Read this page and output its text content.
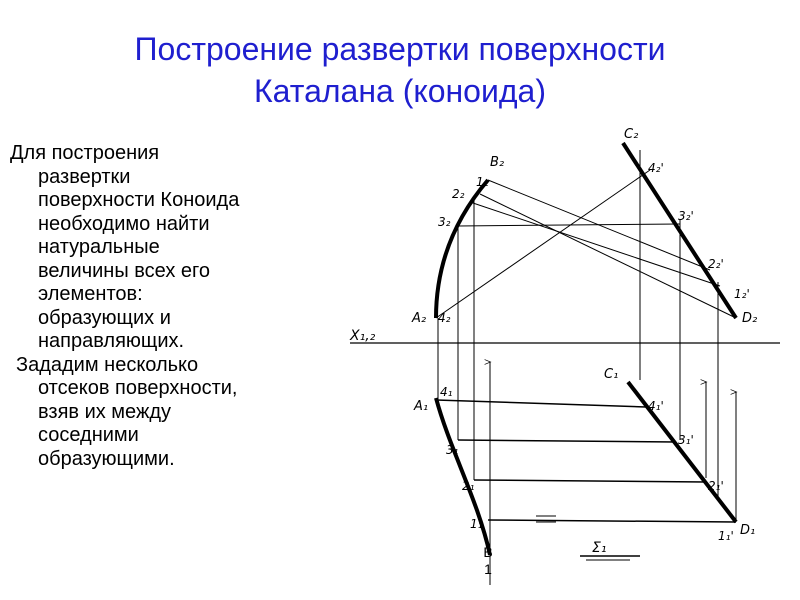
Построение развертки поверхности
Каталана (коноида)
Для построения
развертки
поверхности Коноида
необходимо найти
натуральные
величины всех его
элементов:
образующих и
направляющих.
Зададим несколько
отсеков поверхности,
взяв их между
соседними
образующими.
C₂
B₂
1₂
2₂
3₂
A₂ 4₂
4₂'
3₂'
2₂'
1₂'
D₂
X₁,₂
C₁
4₁
A₁	4₁'
3₁
3₁'
2₁	2₁'
1₁
1₁' D₁
Σ₁
В
1
